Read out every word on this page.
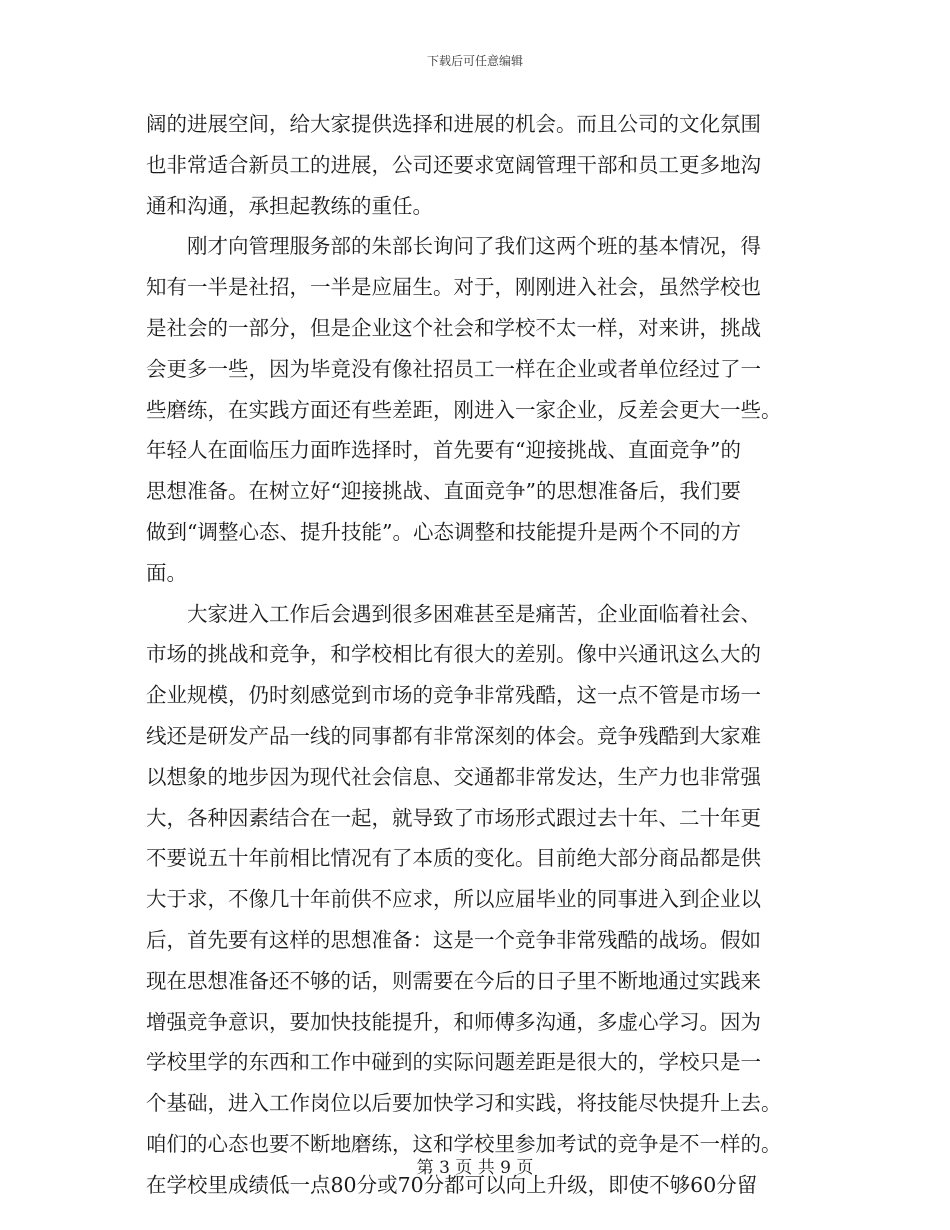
下载后可任意编辑
阔的进展空间，给大家提供选择和进展的机会。而且公司的文化氛围
也非常适合新员工的进展，公司还要求宽阔管理干部和员工更多地沟
通和沟通，承担起教练的重任。
　　刚才向管理服务部的朱部长询问了我们这两个班的基本情况，得
知有一半是社招，一半是应届生。对于，刚刚进入社会，虽然学校也
是社会的一部分，但是企业这个社会和学校不太一样，对来讲，挑战
会更多一些，因为毕竟没有像社招员工一样在企业或者单位经过了一
些磨练，在实践方面还有些差距，刚进入一家企业，反差会更大一些。
年轻人在面临压力面昨选择时，首先要有“迎接挑战、直面竞争”的
思想准备。在树立好“迎接挑战、直面竞争”的思想准备后，我们要
做到“调整心态、提升技能”。心态调整和技能提升是两个不同的方
面。
　　大家进入工作后会遇到很多困难甚至是痛苦，企业面临着社会、
市场的挑战和竞争，和学校相比有很大的差别。像中兴通讯这么大的
企业规模，仍时刻感觉到市场的竞争非常残酷，这一点不管是市场一
线还是研发产品一线的同事都有非常深刻的体会。竞争残酷到大家难
以想象的地步因为现代社会信息、交通都非常发达，生产力也非常强
大，各种因素结合在一起，就导致了市场形式跟过去十年、二十年更
不要说五十年前相比情况有了本质的变化。目前绝大部分商品都是供
大于求，不像几十年前供不应求，所以应届毕业的同事进入到企业以
后，首先要有这样的思想准备：这是一个竞争非常残酷的战场。假如
现在思想准备还不够的话，则需要在今后的日子里不断地通过实践来
增强竞争意识，要加快技能提升，和师傅多沟通，多虚心学习。因为
学校里学的东西和工作中碰到的实际问题差距是很大的，学校只是一
个基础，进入工作岗位以后要加快学习和实践，将技能尽快提升上去。
咱们的心态也要不断地磨练，这和学校里参加考试的竞争是不一样的。
在学校里成绩低一点80分或70分都可以向上升级，即使不够60分留
第 3 页 共 9 页
